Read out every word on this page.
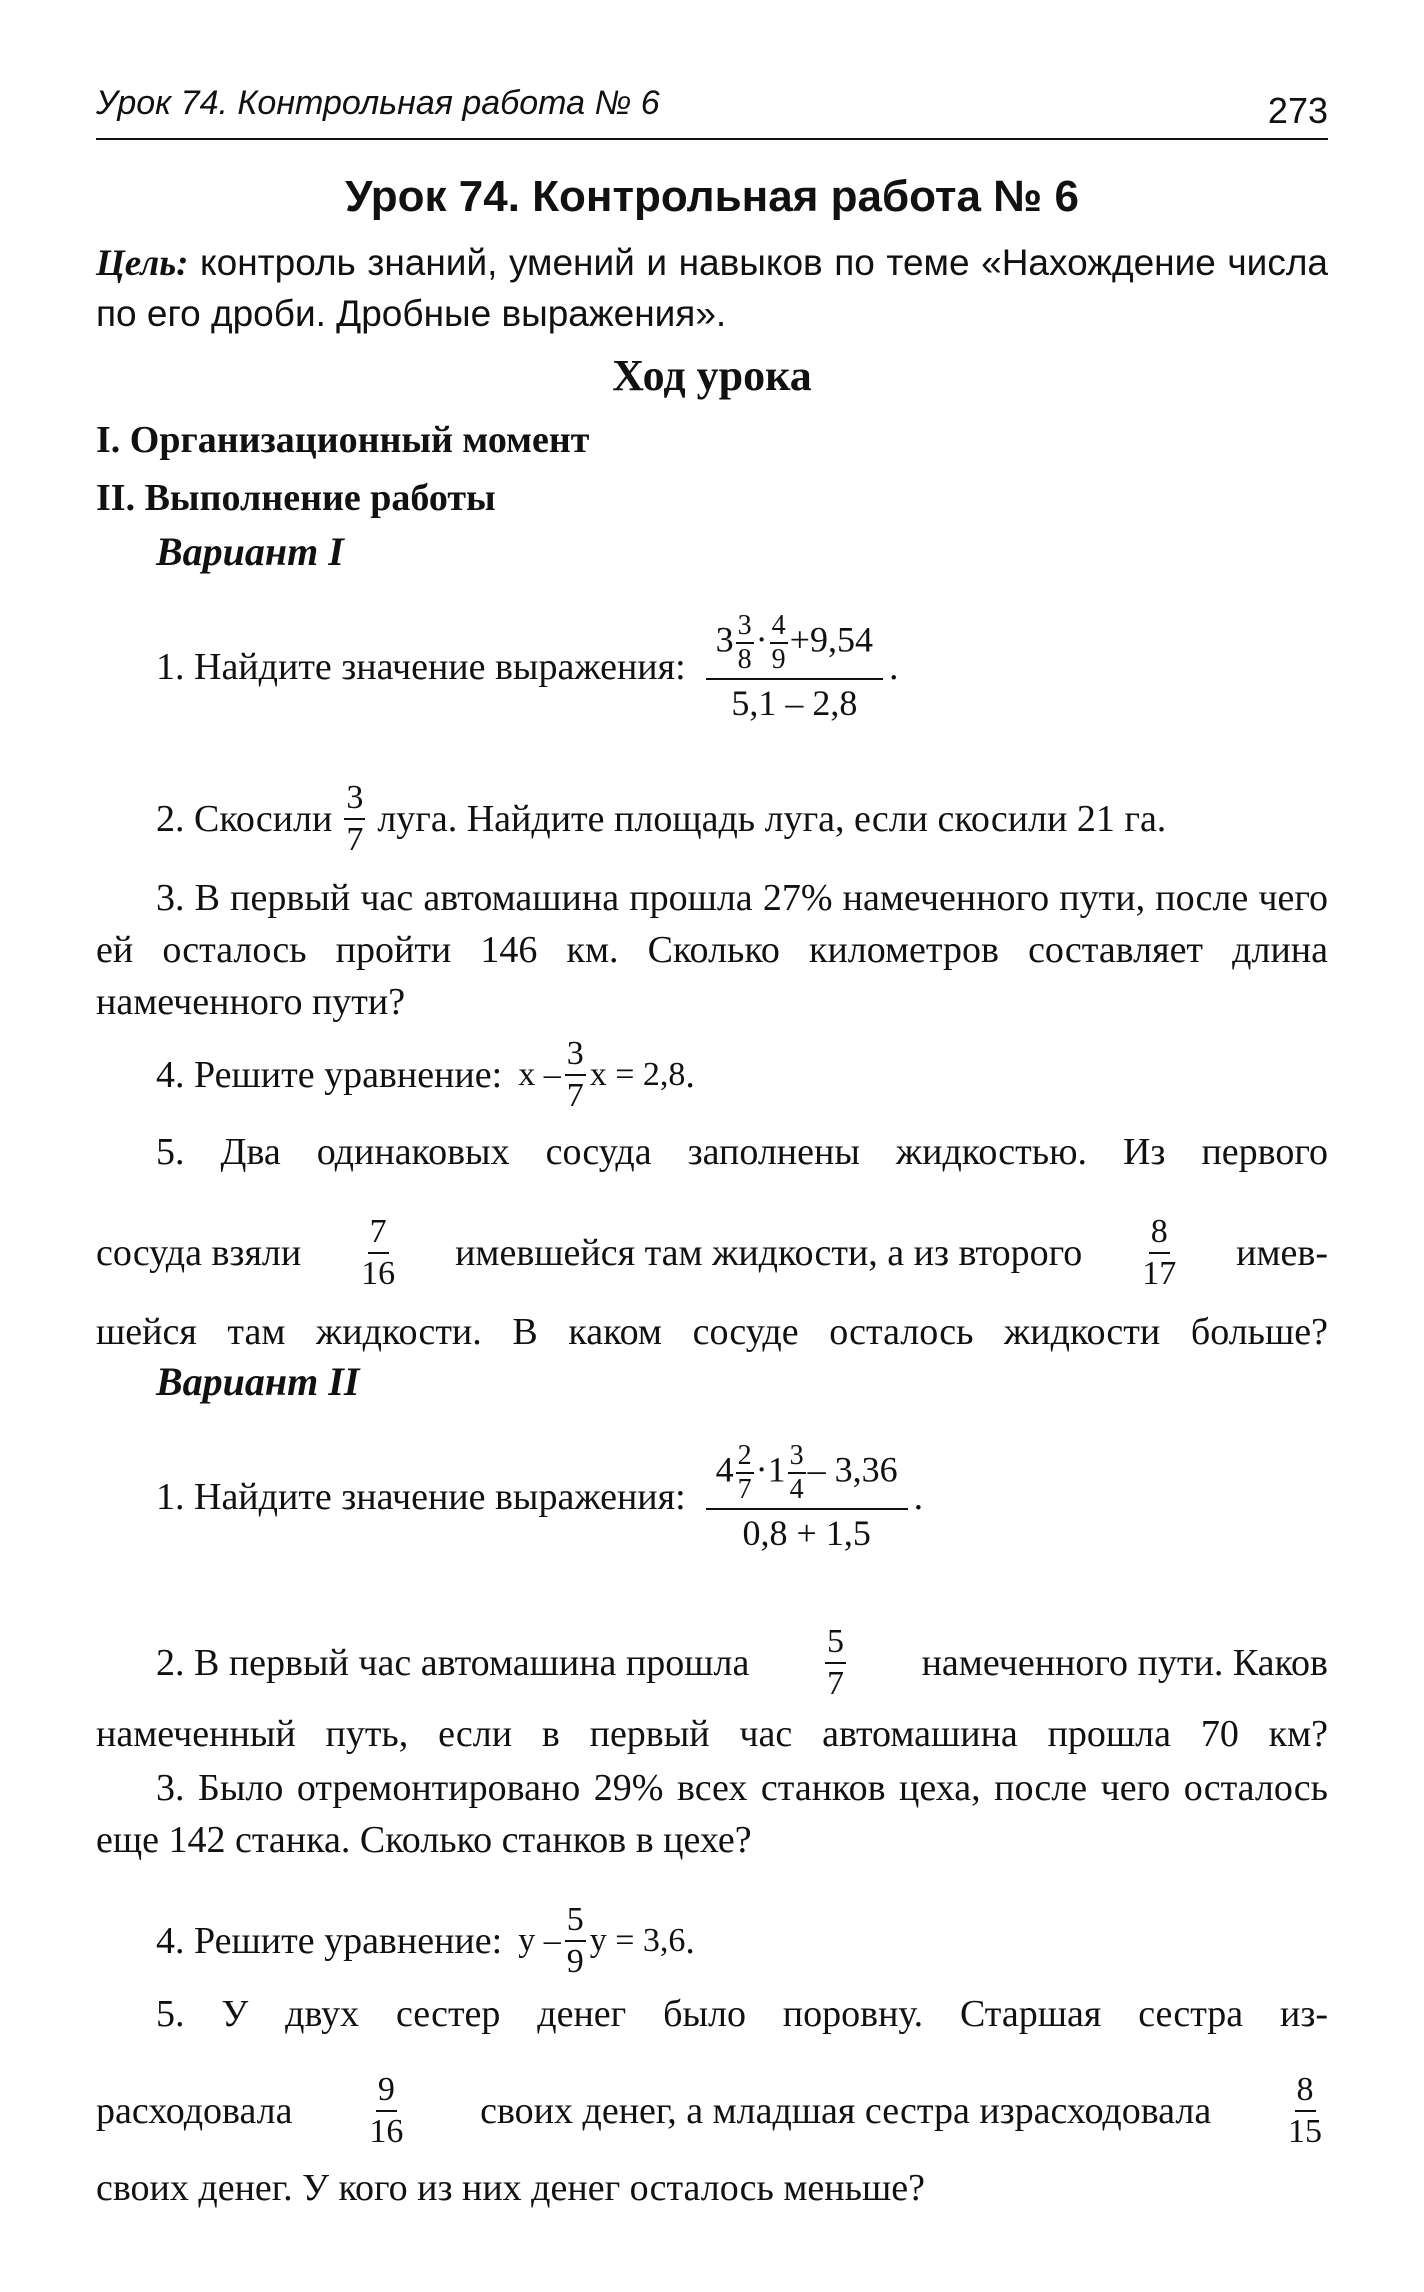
Урок 74. Контрольная работа № 6	273
Урок 74. Контрольная работа № 6
Цель: контроль знаний, умений и навыков по теме «Нахождение числа по его дроби. Дробные выражения».
Ход урока
I. Организационный момент
II. Выполнение работы
Вариант I
1. Найдите значение выражения: $\frac{3 \frac{3}{8} \cdot \frac{4}{9} +9,54}{5,1 - 2,8}$ .
2. Скосили $\frac{3}{7}$ луга. Найдите площадь луга, если скосили 21 га.
3. В первый час автомашина прошла 27% намеченного пути, после чего ей осталось пройти 146 км. Сколько километров составляет длина намеченного пути?
4. Решите уравнение: x – $\frac{3}{7}$ x = 2,8 .
5. Два одинаковых сосуда заполнены жидкостью. Из первого
сосуда взяли $\frac{7}{16}$ имевшейся там жидкости, а из второго $\frac{8}{17}$ имев-
шейся там жидкости. В каком сосуде осталось жидкости больше?
Вариант II
1. Найдите значение выражения: $\frac{4 \frac{2}{7} \cdot 1 \frac{3}{4} - 3,36}{0,8 + 1,5}$ .
2. В первый час автомашина прошла $\frac{5}{7}$ намеченного пути. Каков
намеченный путь, если в первый час автомашина прошла 70 км?
3. Было отремонтировано 29% всех станков цеха, после чего осталось еще 142 станка. Сколько станков в цехе?
4. Решите уравнение: y – $\frac{5}{9}$ y = 3,6 .
5. У двух сестер денег было поровну. Старшая сестра из-
расходовала $\frac{9}{16}$ своих денег, а младшая сестра израсходовала $\frac{8}{15}$
своих денег. У кого из них денег осталось меньше?
